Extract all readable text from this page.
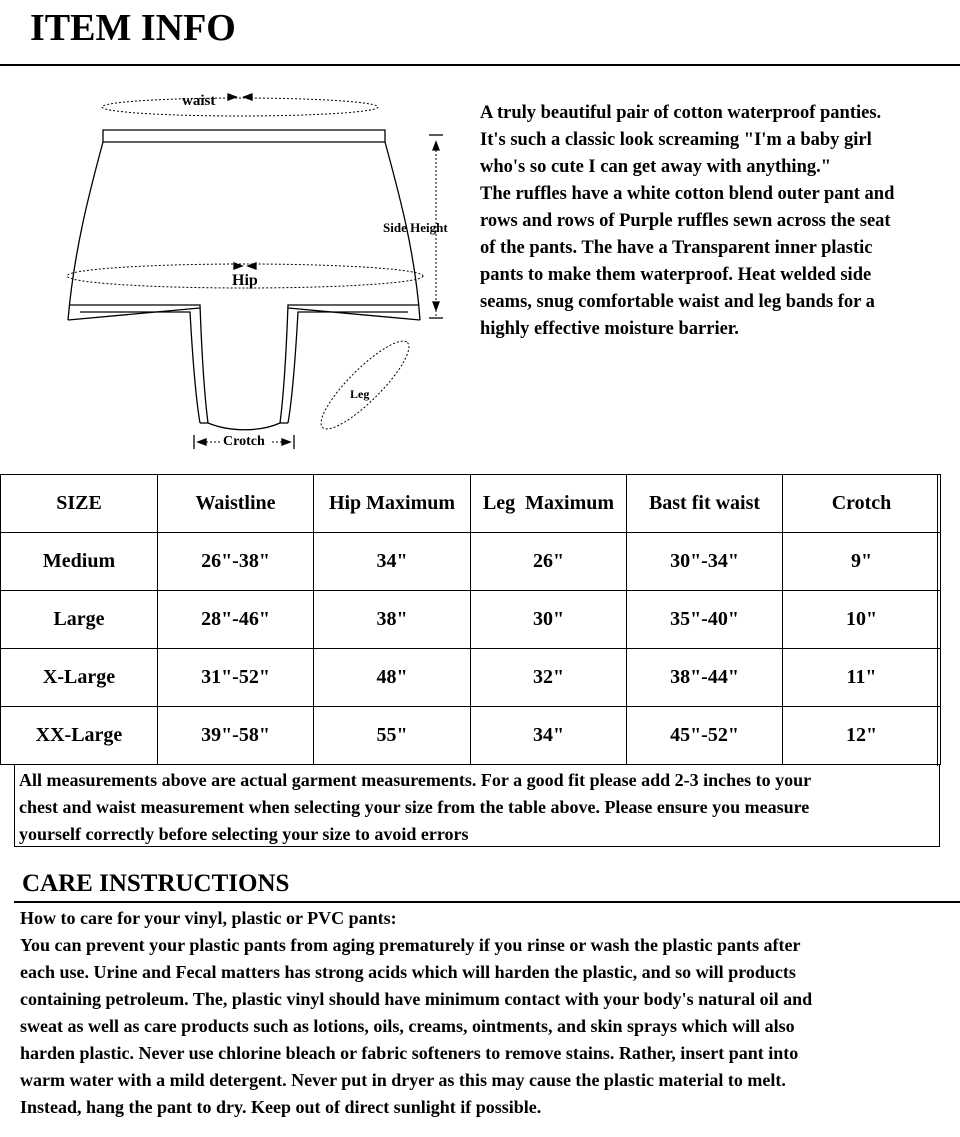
ITEM INFO
waist
Side Height
Hip
Leg
Crotch

A truly beautiful pair of cotton waterproof panties.

It's such a classic look screaming "I'm a baby girl

who's so cute I can get away with anything."

The ruffles have a white cotton blend outer pant and

rows and rows of Purple ruffles sewn across the seat

of the pants. The have a Transparent inner plastic

pants to make them waterproof. Heat welded side

seams, snug comfortable waist and leg bands for a

highly effective moisture barrier.

SIZE	Waistline	Hip Maximum	Leg  Maximum	Bast fit waist	Crotch
Medium	26"-38"	34"	26"	30"-34"	9"
Large	28"-46"	38"	30"	35"-40"	10"
X-Large	31"-52"	48"	32"	38"-44"	11"
XX-Large	39"-58"	55"	34"	45"-52"	12"
All measurements above are actual garment measurements. For a good fit please add 2-3 inches to your
chest and waist measurement when selecting your size from the table above. Please ensure you measure
yourself correctly before selecting your size to avoid errors
CARE INSTRUCTIONS

How to care for your vinyl, plastic or PVC pants:

You can prevent your plastic pants from aging prematurely if you rinse or wash the plastic pants after

each use. Urine and Fecal matters has strong acids which will harden the plastic, and so will products

containing petroleum. The, plastic vinyl should have minimum contact with your body's natural oil and

sweat as well as care products such as lotions, oils, creams, ointments, and skin sprays which will also

harden plastic. Never use chlorine bleach or fabric softeners to remove stains. Rather, insert pant into

warm water with a mild detergent. Never put in dryer as this may cause the plastic material to melt.

Instead, hang the pant to dry. Keep out of direct sunlight if possible.
